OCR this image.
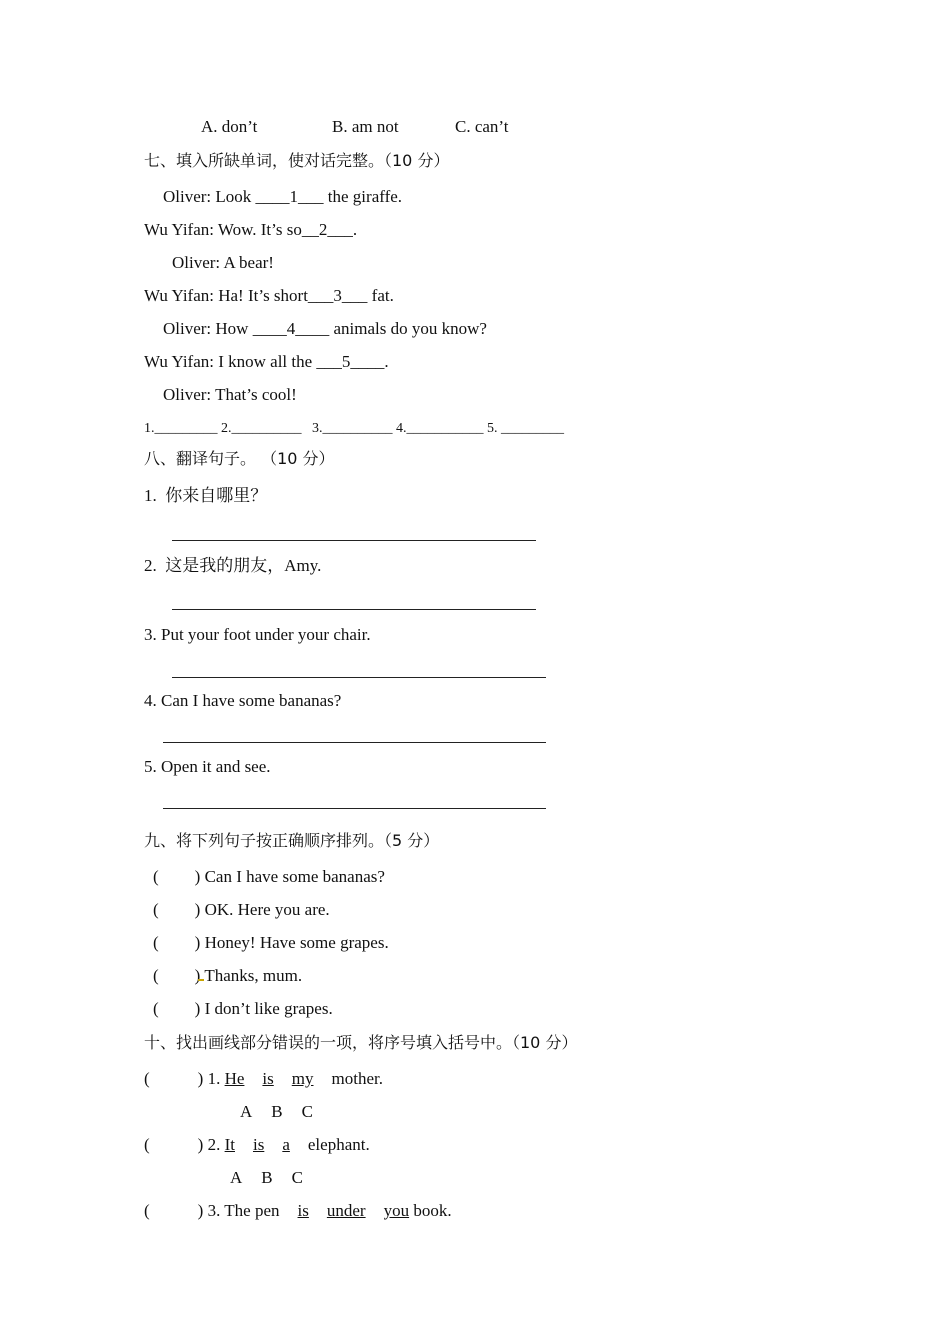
A. don’t	B. am not	C. can’t
七、填入所缺单词，使对话完整。（10 分）
Oliver: Look ____1___ the giraffe.
Wu Yifan: Wow. It’s so__2___.
Oliver: A bear!
Wu Yifan: Ha! It’s short___3___ fat.
Oliver: How ____4____ animals do you know?
Wu Yifan: I know all the ___5____.
Oliver: That’s cool!
1._________ 2.__________   3.__________ 4.___________ 5. _________
八、翻译句子。 （10 分）
1.  你来自哪里？
2.  这是我的朋友，Amy.
3. Put your foot under your chair.
4. Can I have some bananas?
5. Open it and see.
九、将下列句子按正确顺序排列。（5 分）
( ) Can I have some bananas?
( ) OK. Here you are.
( ) Honey! Have some grapes.
( ) Thanks, mum.
( ) I don’t like grapes.
十、找出画线部分错误的一项，将序号填入括号中。（10 分）
(	) 1. He is my mother.
A B C
(	) 2. It is a elephant.
A B C
(	) 3. The pen is under you book.
